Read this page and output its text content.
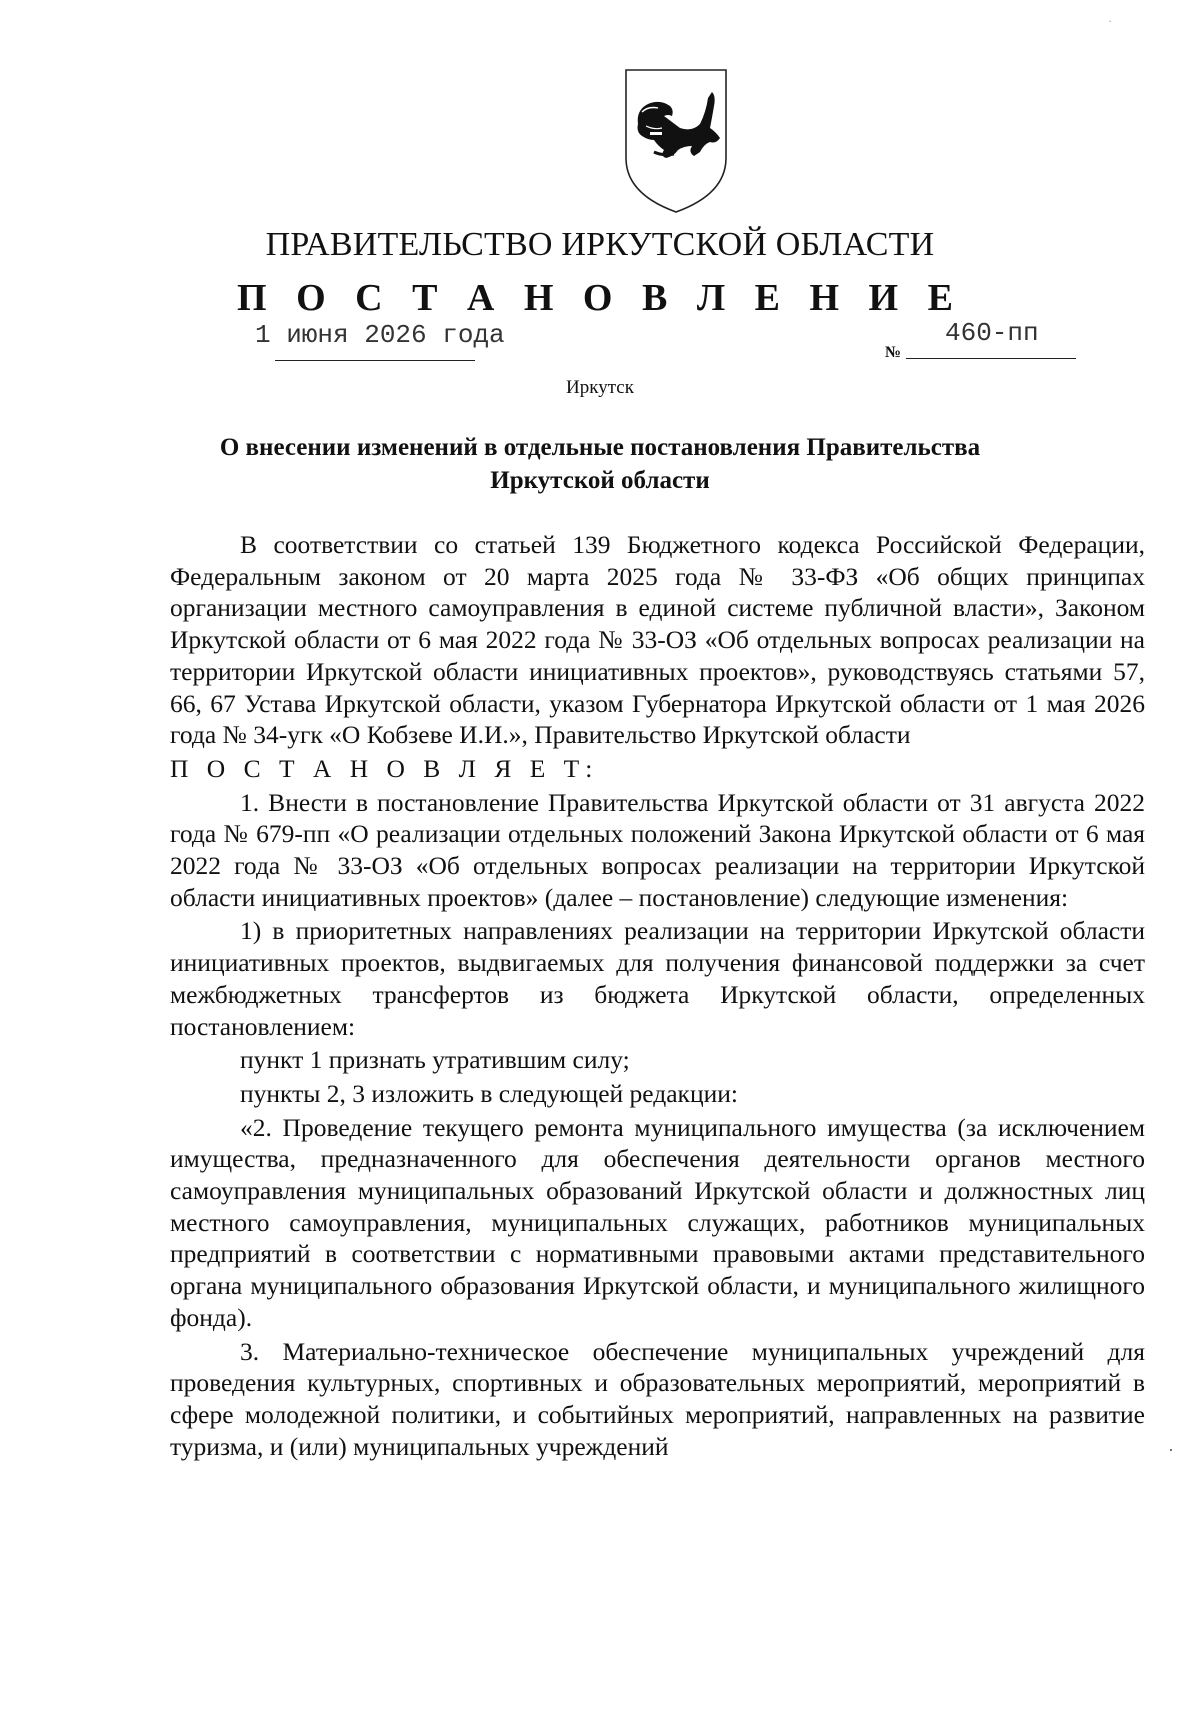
·
ПРАВИТЕЛЬСТВО ИРКУТСКОЙ ОБЛАСТИ
П О С Т А Н О В Л Е Н И Е
1 июня 2026 года
№
460-пп
Иркутск
О внесении изменений в отдельные постановления Правительства
Иркутской области

В соответствии со статьей 139 Бюджетного кодекса Российской Федерации, Федеральным законом от 20 марта 2025 года № 33-ФЗ «Об общих принципах организации местного самоуправления в единой системе публичной власти», Законом Иркутской области от 6 мая 2022 года № 33-ОЗ «Об отдельных вопросах реализации на территории Иркутской области инициативных проектов», руководствуясь статьями 57, 66, 67 Устава Иркутской области, указом Губернатора Иркутской области от 1 мая 2026 года № 34-угк «О Кобзеве И.И.», Правительство Иркутской области

П О С Т А Н О В Л Я Е Т:

1. Внести в постановление Правительства Иркутской области от 31 августа 2022 года № 679-пп «О реализации отдельных положений Закона Иркутской области от 6 мая 2022 года № 33-ОЗ «Об отдельных вопросах реализации на территории Иркутской области инициативных проектов» (далее – постановление) следующие изменения:

1) в приоритетных направлениях реализации на территории Иркутской области инициативных проектов, выдвигаемых для получения финансовой поддержки за счет межбюджетных трансфертов из бюджета Иркутской области, определенных постановлением:

пункт 1 признать утратившим силу;

пункты 2, 3 изложить в следующей редакции:

«2. Проведение текущего ремонта муниципального имущества (за исключением имущества, предназначенного для обеспечения деятельности органов местного самоуправления муниципальных образований Иркутской области и должностных лиц местного самоуправления, муниципальных служащих, работников муниципальных предприятий в соответствии с нормативными правовыми актами представительного органа муниципального образования Иркутской области, и муниципального жилищного фонда).

3. Материально-техническое обеспечение муниципальных учреждений для проведения культурных, спортивных и образовательных мероприятий, мероприятий в сфере молодежной политики, и событийных мероприятий, направленных на развитие туризма, и (или) муниципальных учреждений
